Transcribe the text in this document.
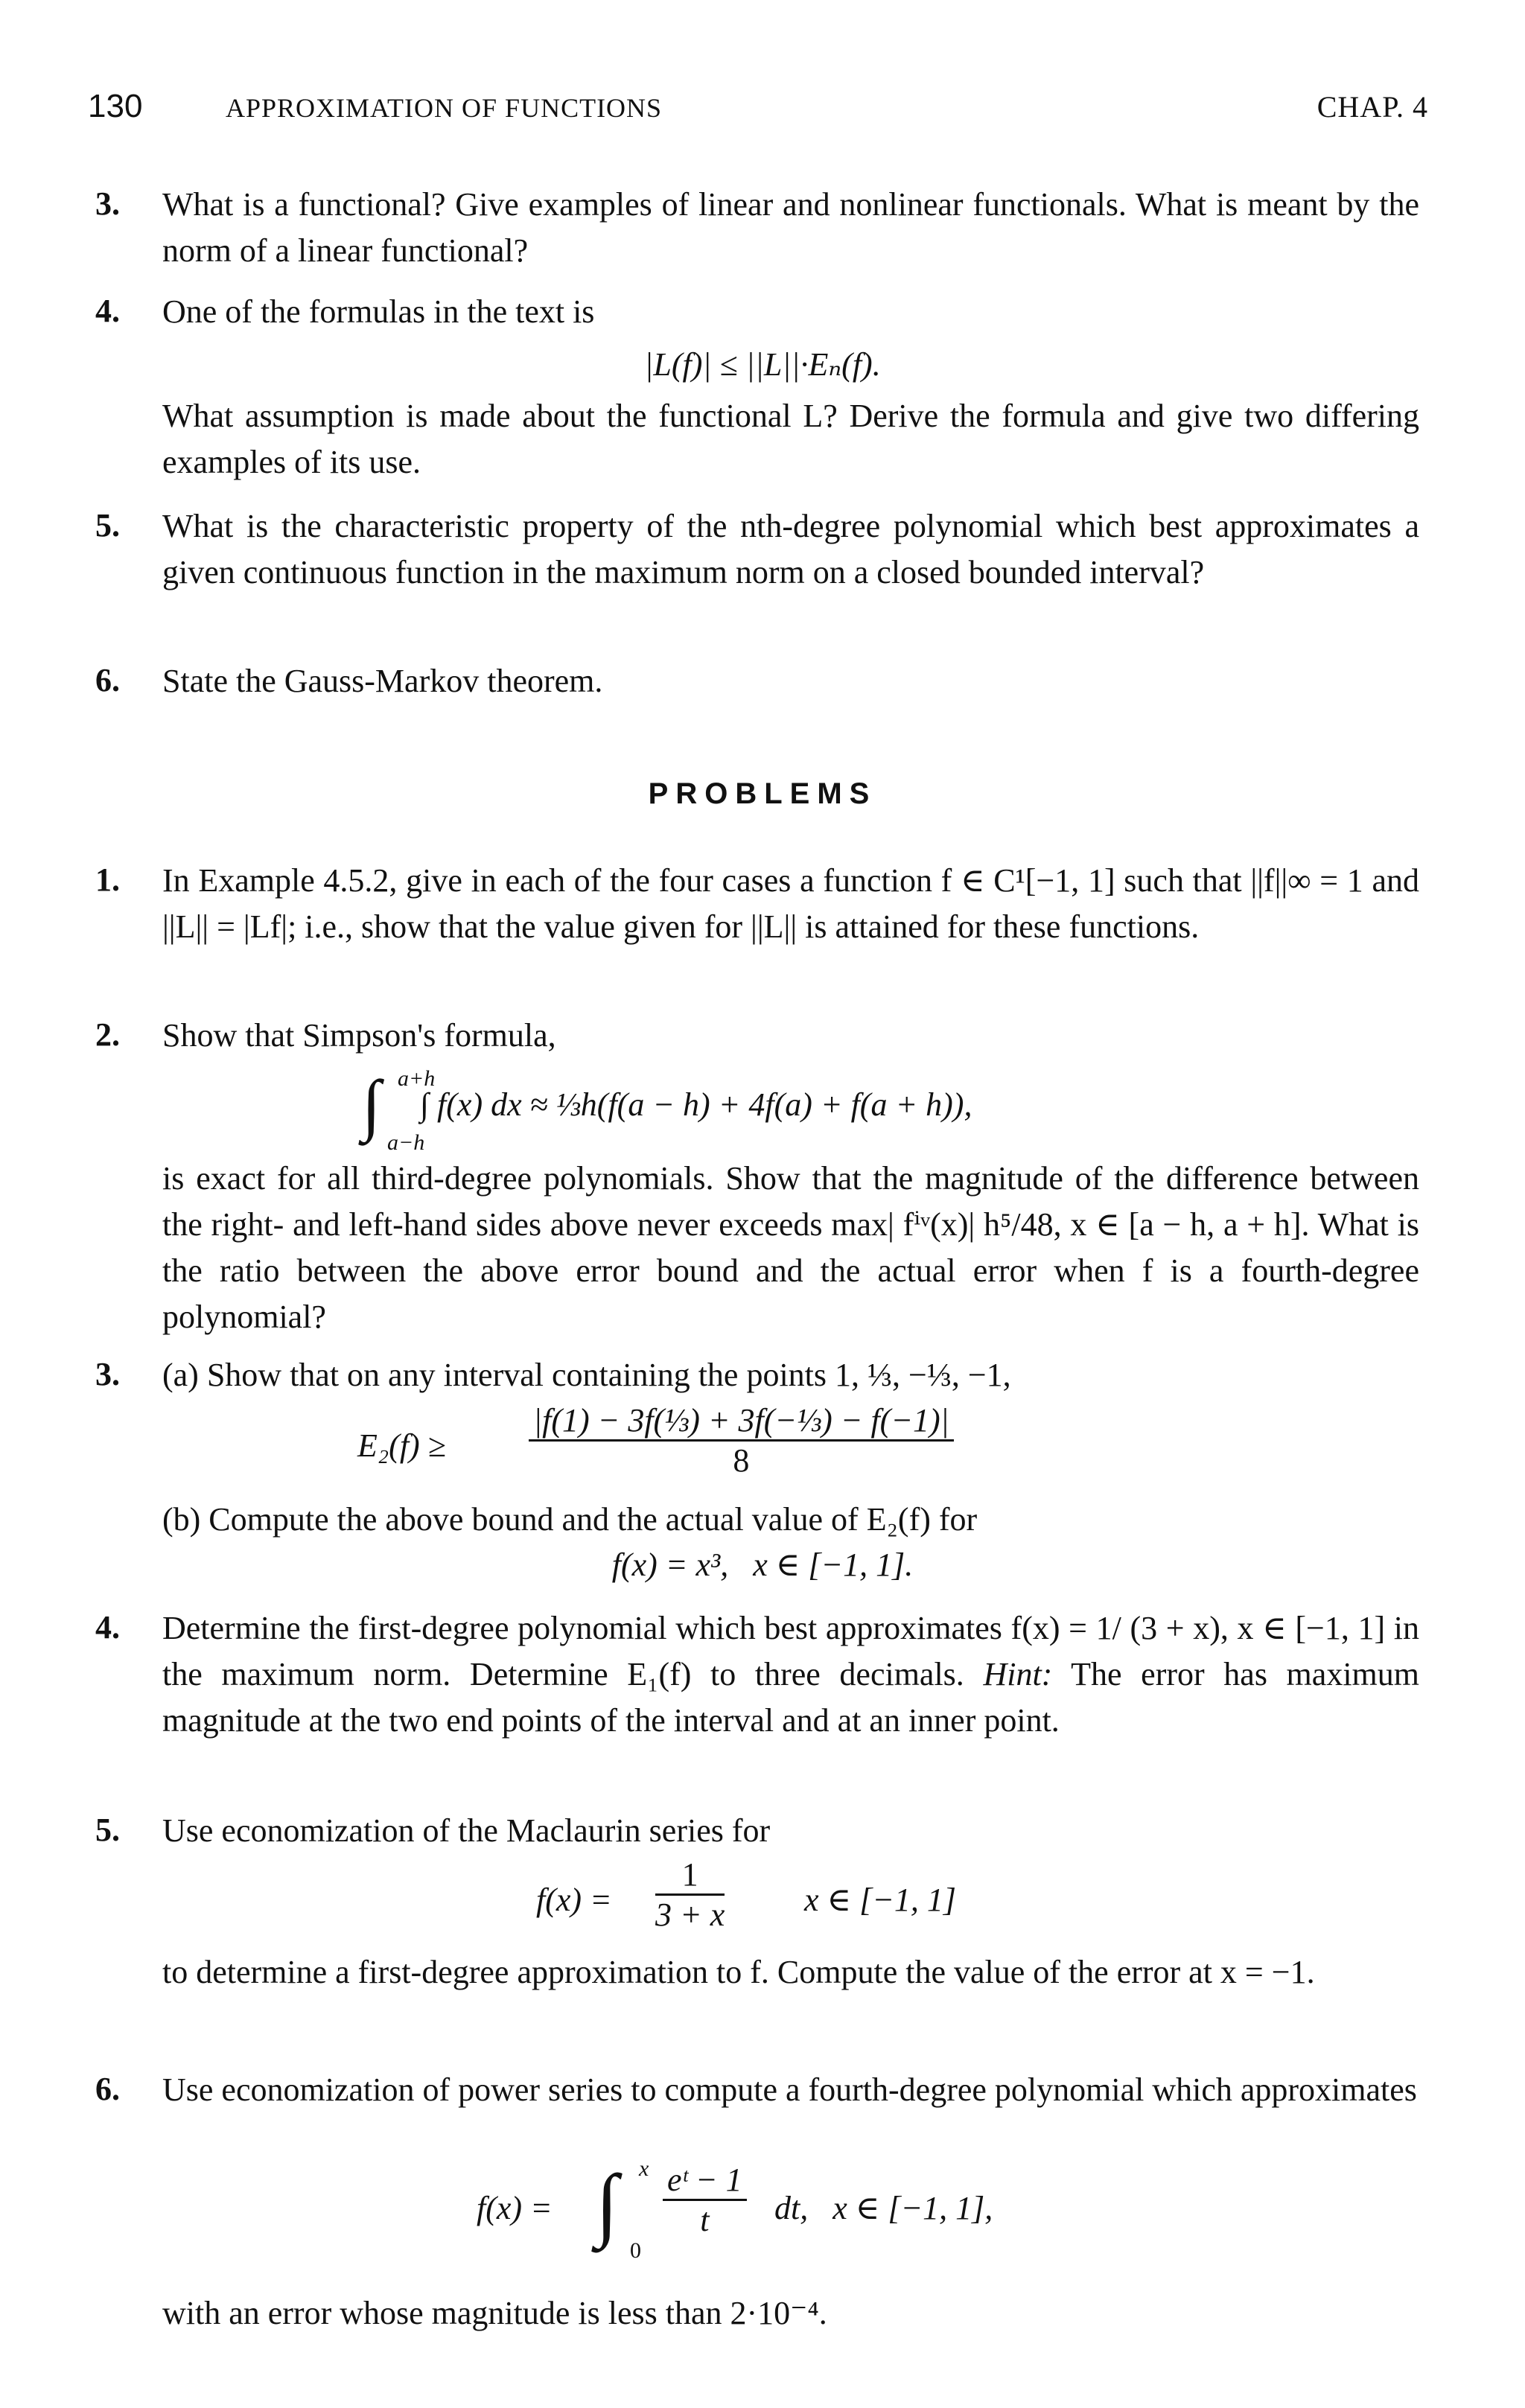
130	APPROXIMATION OF FUNCTIONS	CHAP. 4
3. What is a functional? Give examples of linear and nonlinear functionals. What is meant by the norm of a linear functional?
4. One of the formulas in the text is
|L(f)| ≤ ||L||·Eₙ(f).
What assumption is made about the functional L? Derive the formula and give two differing examples of its use.
5. What is the characteristic property of the nth-degree polynomial which best approximates a given continuous function in the maximum norm on a closed bounded interval?
6. State the Gauss-Markov theorem.
PROBLEMS
1. In Example 4.5.2, give in each of the four cases a function f ∈ C¹[−1, 1] such that ||f||∞ = 1 and ||L|| = |Lf|; i.e., show that the value given for ||L|| is attained for these functions.
2. Show that Simpson's formula,
∫ a+h
a−h
∫ f(x) dx ≈ ⅓h(f(a − h) + 4f(a) + f(a + h)),
is exact for all third-degree polynomials. Show that the magnitude of the difference between the right- and left-hand sides above never exceeds max| fⁱᵛ(x)| h⁵/48, x ∈ [a − h, a + h]. What is the ratio between the above error bound and the actual error when f is a fourth-degree polynomial?
3. (a) Show that on any interval containing the points 1, ⅓, −⅓, −1,
E₂(f) ≥	$\frac{\text{|f(1) − 3f(⅓) + 3f(−⅓) − f(−1)|}}{8}$
(b) Compute the above bound and the actual value of E₂(f) for
f(x) = x³,   x ∈ [−1, 1].
4. Determine the first-degree polynomial which best approximates f(x) = 1/ (3 + x), x ∈ [−1, 1] in the maximum norm. Determine E₁(f) to three decimals. Hint: The error has maximum magnitude at the two end points of the interval and at an inner point.
5. Use economization of the Maclaurin series for
$f(x) = \frac{1}{3 + x}$ x ∈ [−1, 1]
to determine a first-degree approximation to f. Compute the value of the error at x = −1.
6. Use economization of power series to compute a fourth-degree polynomial which approximates
f(x) = ∫ x
0
$\frac{\text{eᵗ − 1}}{t}$ dt,   x ∈ [−1, 1],
with an error whose magnitude is less than 2·10⁻⁴.
